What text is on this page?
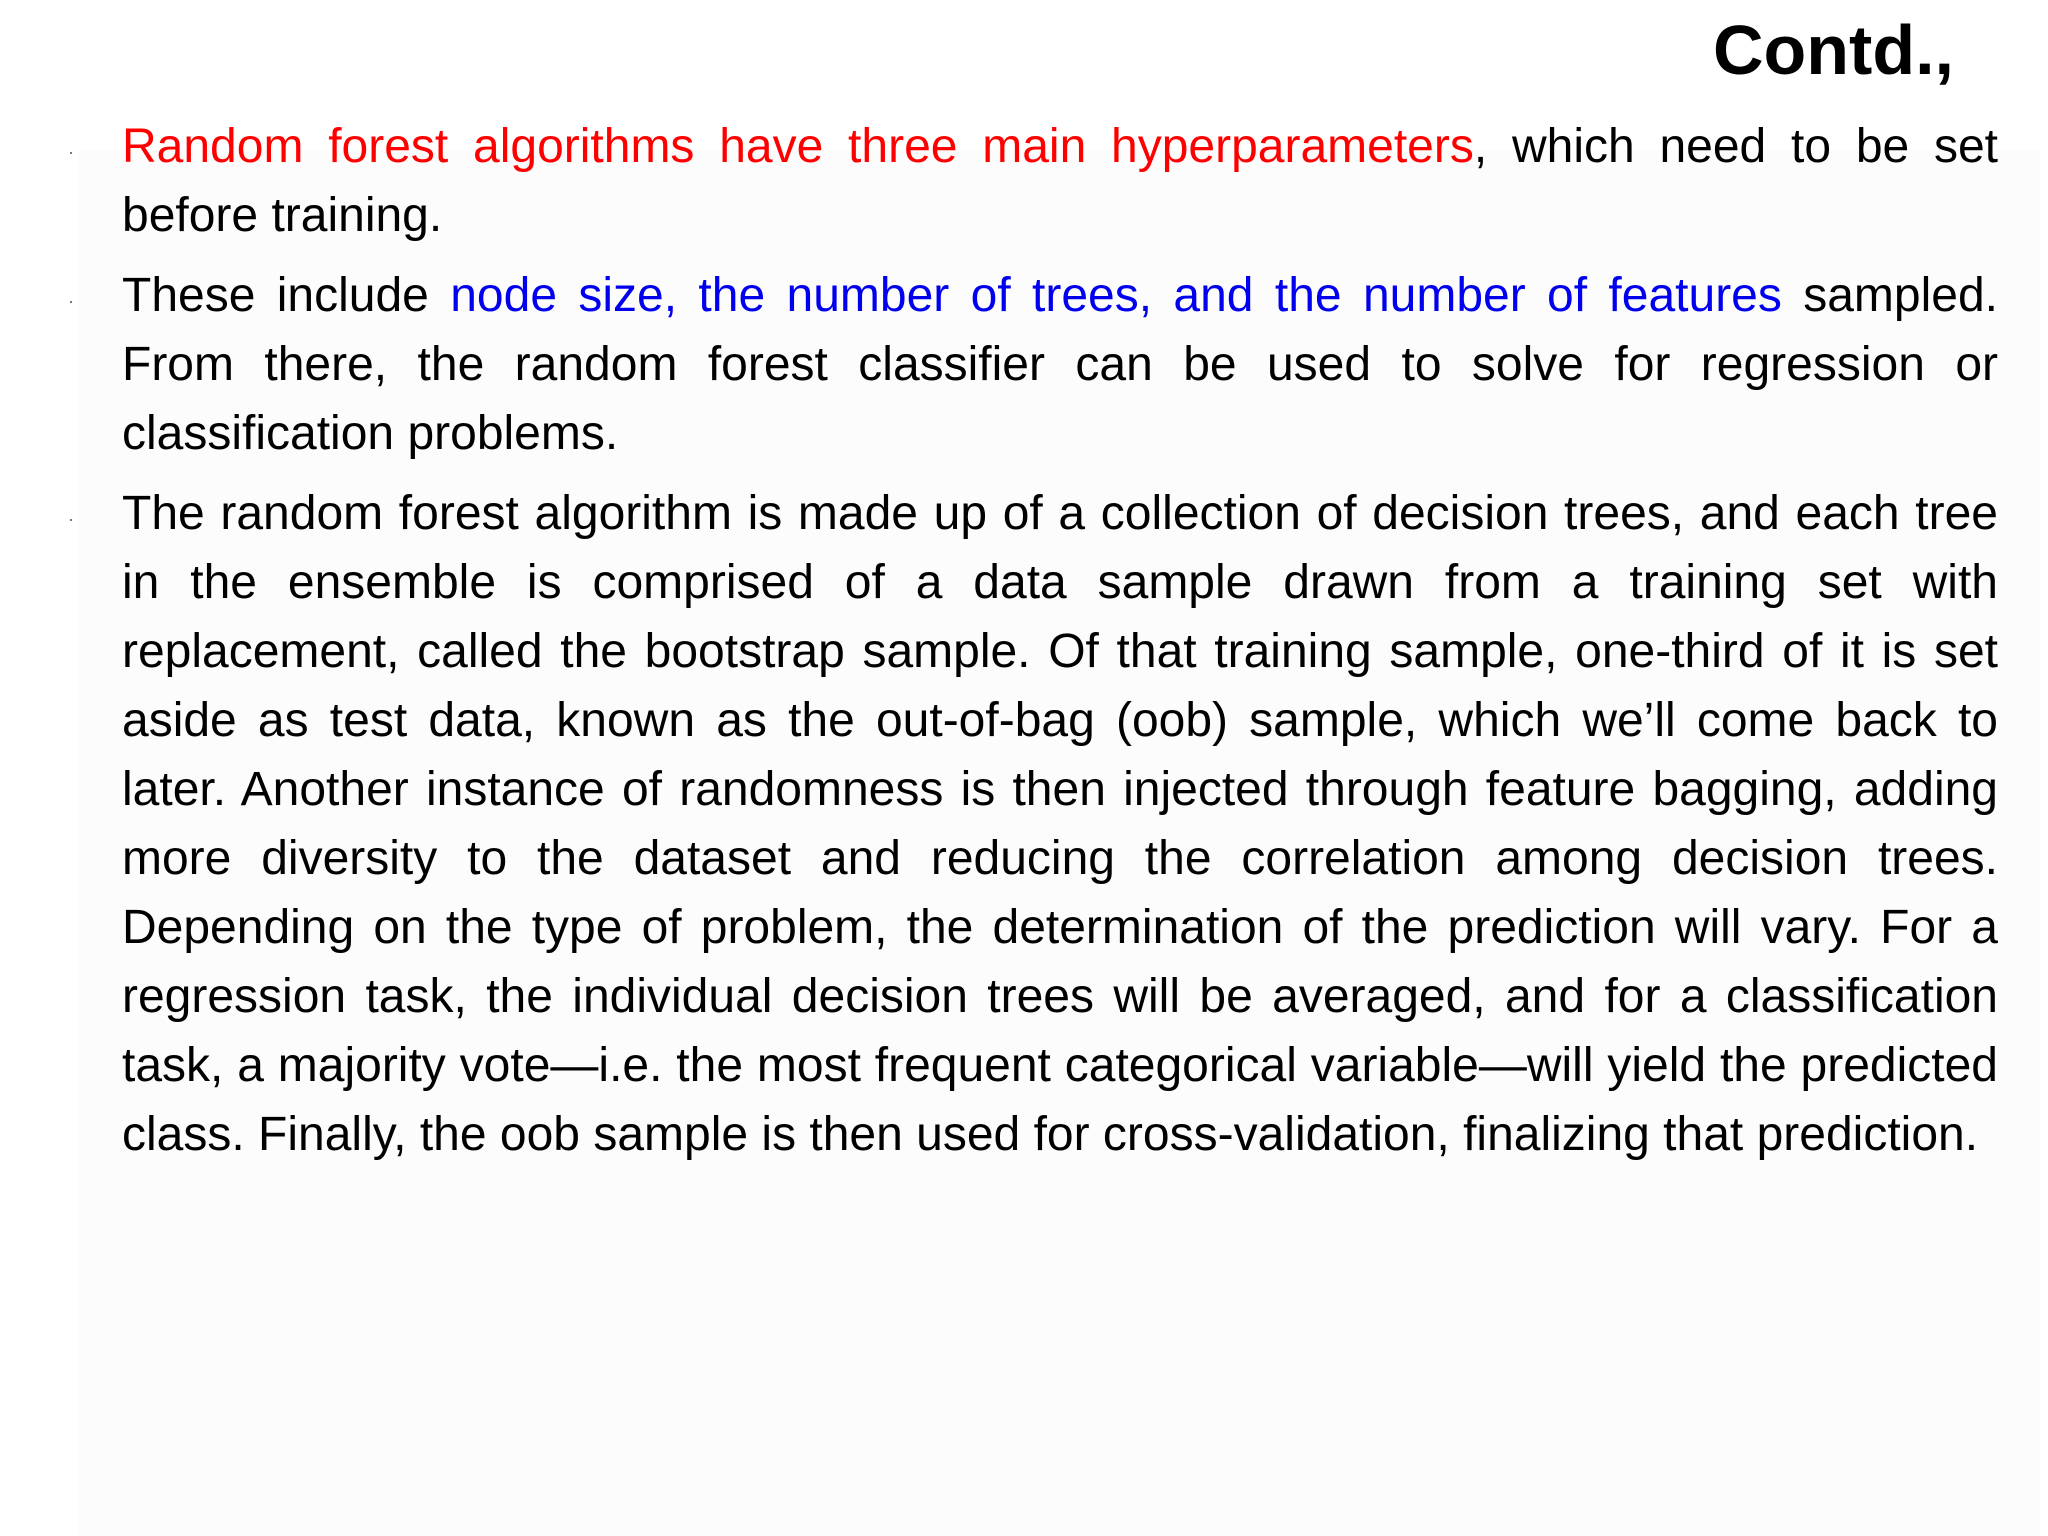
Contd.,
Random forest algorithms have three main hyperparameters, which need to be set before training.
These include node size, the number of trees, and the number of features sampled. From there, the random forest classifier can be used to solve for regression or classification problems.
The random forest algorithm is made up of a collection of decision trees, and each tree in the ensemble is comprised of a data sample drawn from a training set with replacement, called the bootstrap sample. Of that training sample, one-third of it is set aside as test data, known as the out-of-bag (oob) sample, which we’ll come back to later. Another instance of randomness is then injected through feature bagging, adding more diversity to the dataset and reducing the correlation among decision trees. Depending on the type of problem, the determination of the prediction will vary. For a regression task, the individual decision trees will be averaged, and for a classification task, a majority vote—i.e. the most frequent categorical variable—will yield the predicted class. Finally, the oob sample is then used for cross-validation, finalizing that prediction.
